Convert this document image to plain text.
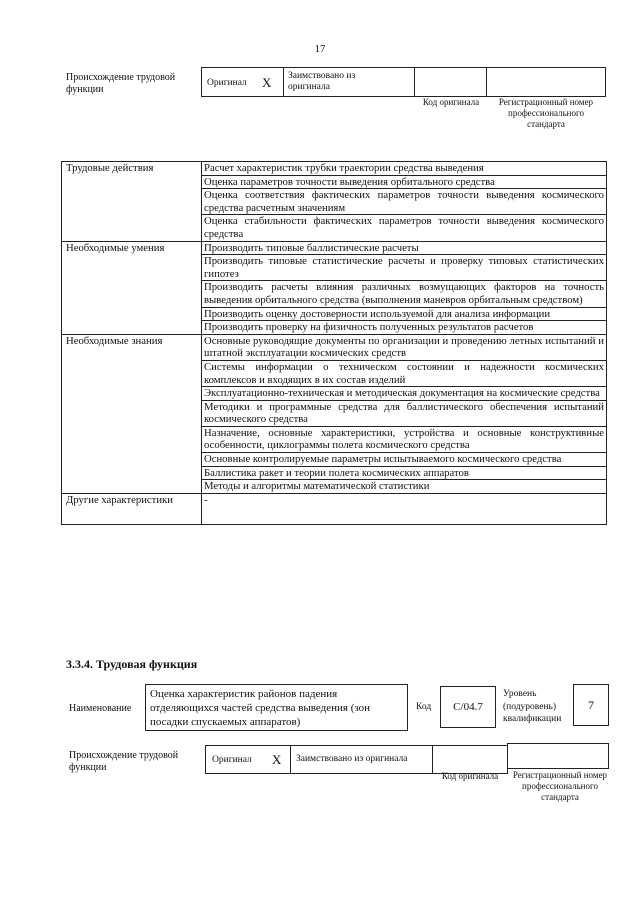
17
Происхождение трудовой функции
Оригинал X Заимствовано из оригинала
Код оригинала	Регистрационный номер профессионального стандарта
Трудовые действия	Расчет характеристик трубки траектории средства выведения
	Оценка параметров точности выведения орбитального средства
	Оценка соответствия фактических параметров точности выведения космического средства расчетным значениям
	Оценка стабильности фактических параметров точности выведения космического средства
Необходимые умения	Производить типовые баллистические расчеты
	Производить типовые статистические расчеты и проверку типовых статистических гипотез
	Производить расчеты влияния различных возмущающих факторов на точность выведения орбитального средства (выполнения маневров орбитальным средством)
	Производить оценку достоверности используемой для анализа информации
	Производить проверку на физичность полученных результатов расчетов
Необходимые знания	Основные руководящие документы по организации и проведению летных испытаний и штатной эксплуатации космических средств
	Системы информации о техническом состоянии и надежности космических комплексов и входящих в их состав изделий
	Эксплуатационно-техническая и методическая документация на космические средства
	Методики и программные средства для баллистического обеспечения испытаний космического средства
	Назначение, основные характеристики, устройства и основные конструктивные особенности, циклограммы полета космического средства
	Основные контролируемые параметры испытываемого космического средства
	Баллистика ракет и теории полета космических аппаратов
	Методы и алгоритмы математической статистики
Другие характеристики	-
3.3.4. Трудовая функция
Наименование
Оценка характеристик районов падения отделяющихся частей средства выведения (зон посадки спускаемых аппаратов)
Код	C/04.7
Уровень (подуровень) квалификации
7
Происхождение трудовой функции
Оригинал X Заимствовано из оригинала
Код оригинала	Регистрационный номер профессионального стандарта
